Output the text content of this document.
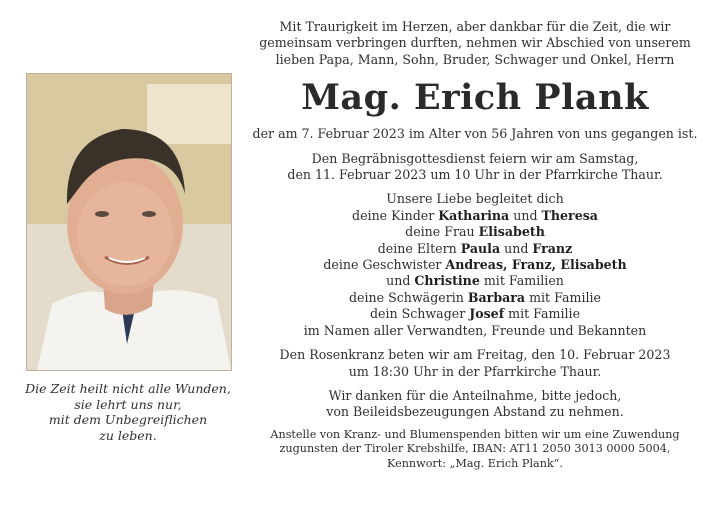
Die Zeit heilt nicht alle Wunden,
sie lehrt uns nur,
mit dem Unbegreiflichen
zu leben.
Mit Traurigkeit im Herzen, aber dankbar für die Zeit, die wir
gemeinsam verbringen durften, nehmen wir Abschied von unserem
lieben Papa, Mann, Sohn, Bruder, Schwager und Onkel, Herrn
Mag. Erich Plank
der am 7. Februar 2023 im Alter von 56 Jahren von uns gegangen ist.
Den Begräbnisgottesdienst feiern wir am Samstag,
den 11. Februar 2023 um 10 Uhr in der Pfarrkirche Thaur.
Unsere Liebe begleitet dich
deine Kinder Katharina und Theresa
deine Frau Elisabeth
deine Eltern Paula und Franz
deine Geschwister Andreas, Franz, Elisabeth
und Christine mit Familien
deine Schwägerin Barbara mit Familie
dein Schwager Josef mit Familie
im Namen aller Verwandten, Freunde und Bekannten
Den Rosenkranz beten wir am Freitag, den 10. Februar 2023
um 18:30 Uhr in der Pfarrkirche Thaur.
Wir danken für die Anteilnahme, bitte jedoch,
von Beileidsbezeugungen Abstand zu nehmen.
Anstelle von Kranz- und Blumenspenden bitten wir um eine Zuwendung
zugunsten der Tiroler Krebshilfe, IBAN: AT11 2050 3013 0000 5004,
Kennwort: „Mag. Erich Plank“.
